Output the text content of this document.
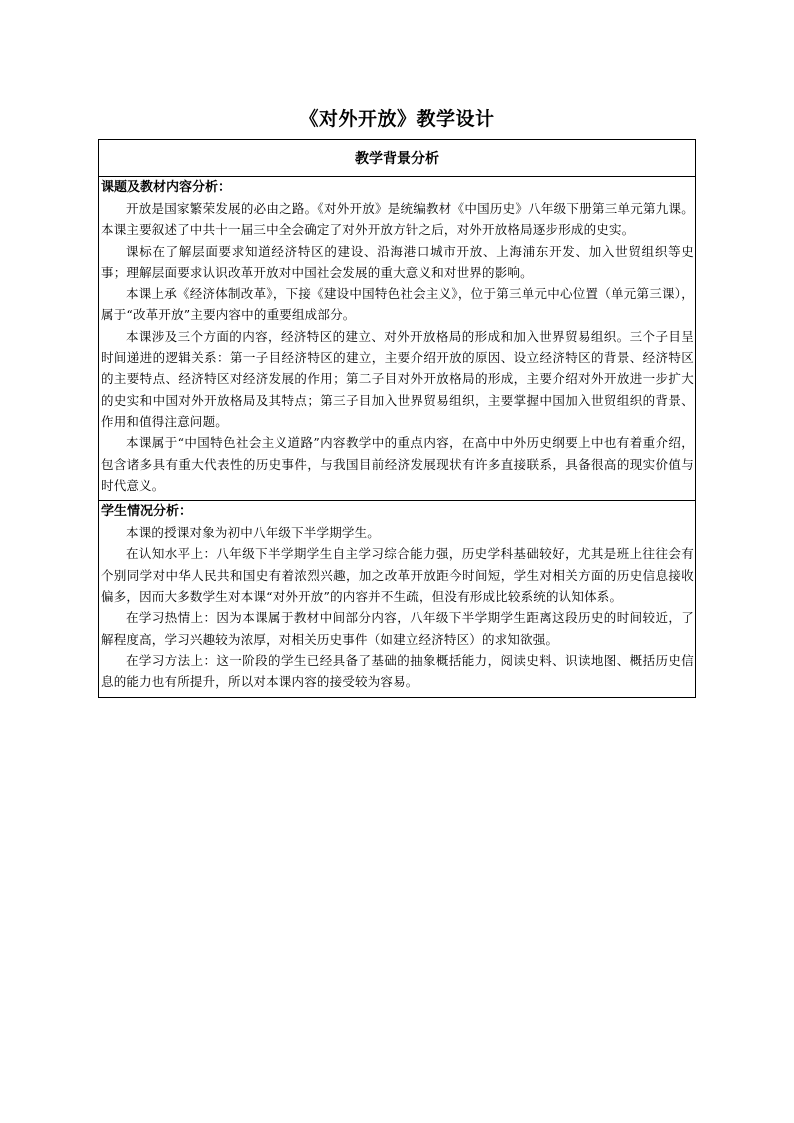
《对外开放》教学设计
教学背景分析

课题及教材内容分析：

开放是国家繁荣发展的必由之路。《对外开放》是统编教材《中国历史》八年级下册第三单元第九课。本课主要叙述了中共十一届三中全会确定了对外开放方针之后，对外开放格局逐步形成的史实。

课标在了解层面要求知道经济特区的建设、沿海港口城市开放、上海浦东开发、加入世贸组织等史事；理解层面要求认识改革开放对中国社会发展的重大意义和对世界的影响。

本课上承《经济体制改革》，下接《建设中国特色社会主义》，位于第三单元中心位置（单元第三课），属于“改革开放”主要内容中的重要组成部分。

本课涉及三个方面的内容，经济特区的建立、对外开放格局的形成和加入世界贸易组织。三个子目呈时间递进的逻辑关系：第一子目经济特区的建立，主要介绍开放的原因、设立经济特区的背景、经济特区的主要特点、经济特区对经济发展的作用；第二子目对外开放格局的形成，主要介绍对外开放进一步扩大的史实和中国对外开放格局及其特点；第三子目加入世界贸易组织，主要掌握中国加入世贸组织的背景、作用和值得注意问题。

本课属于“中国特色社会主义道路”内容教学中的重点内容，在高中中外历史纲要上中也有着重介绍，包含诸多具有重大代表性的历史事件，与我国目前经济发展现状有许多直接联系，具备很高的现实价值与时代意义。

学生情况分析：

本课的授课对象为初中八年级下半学期学生。

在认知水平上：八年级下半学期学生自主学习综合能力强，历史学科基础较好，尤其是班上往往会有个别同学对中华人民共和国史有着浓烈兴趣，加之改革开放距今时间短，学生对相关方面的历史信息接收偏多，因而大多数学生对本课“对外开放”的内容并不生疏，但没有形成比较系统的认知体系。

在学习热情上：因为本课属于教材中间部分内容，八年级下半学期学生距离这段历史的时间较近，了解程度高，学习兴趣较为浓厚，对相关历史事件（如建立经济特区）的求知欲强。

在学习方法上：这一阶段的学生已经具备了基础的抽象概括能力，阅读史料、识读地图、概括历史信息的能力也有所提升，所以对本课内容的接受较为容易。
